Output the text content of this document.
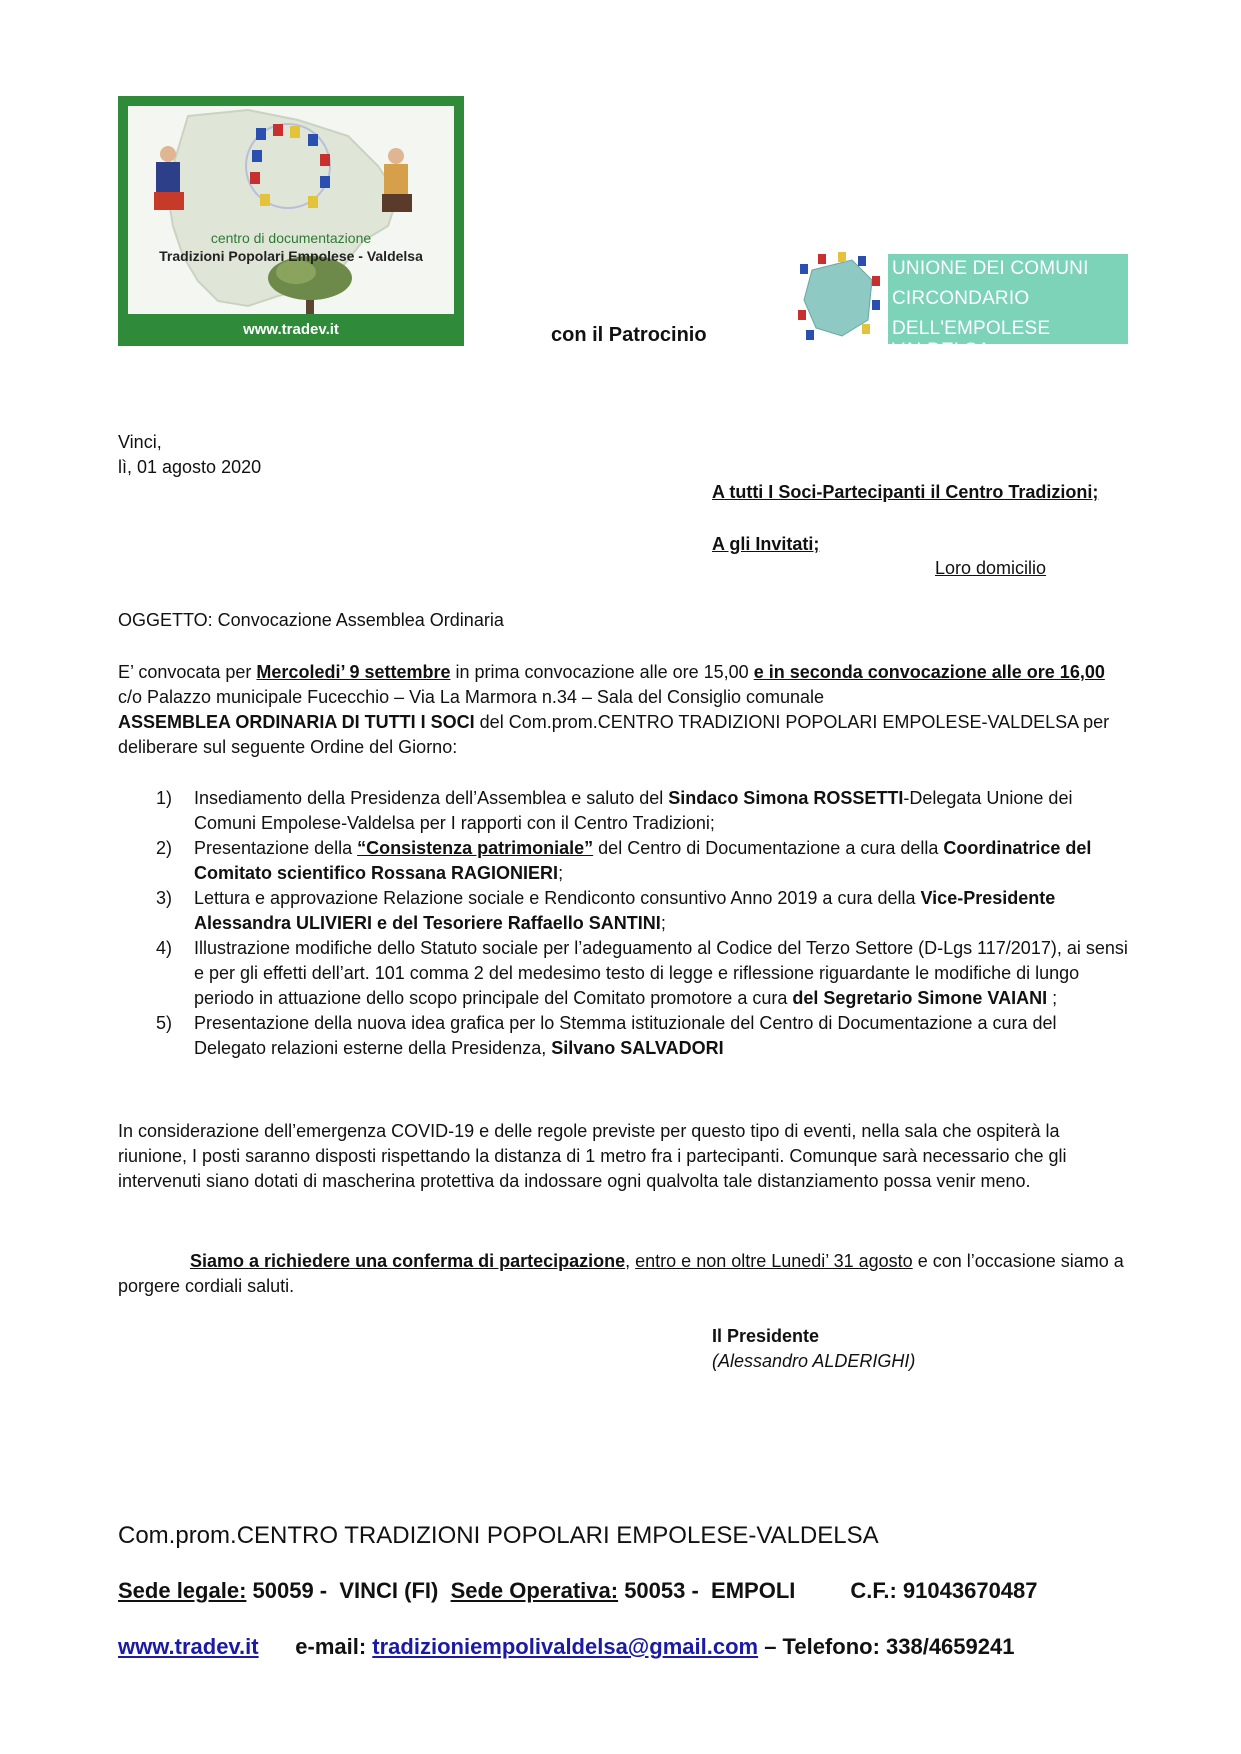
centro di documentazione
Tradizioni Popolari Empolese - Valdelsa
www.tradev.it	con il Patrocinio
UNIONE DEI COMUNI
CIRCONDARIO
DELL'EMPOLESE VALDELSA
Vinci,
lì, 01 agosto 2020
A tutti I Soci-Partecipanti il Centro Tradizioni;
A gli Invitati;
Loro domicilio
OGGETTO: Convocazione Assemblea Ordinaria
E’ convocata per Mercoledi’ 9 settembre in prima convocazione alle ore 15,00 e in seconda convocazione alle ore 16,00 c/o Palazzo municipale Fucecchio – Via La Marmora n.34 – Sala del Consiglio comunale
ASSEMBLEA ORDINARIA DI TUTTI I SOCI del Com.prom.CENTRO TRADIZIONI POPOLARI EMPOLESE-VALDELSA per deliberare sul seguente Ordine del Giorno:
1) Insediamento della Presidenza dell’Assemblea e saluto del Sindaco Simona ROSSETTI-Delegata Unione dei Comuni Empolese-Valdelsa per I rapporti con il Centro Tradizioni;
2) Presentazione della “Consistenza patrimoniale” del Centro di Documentazione a cura della Coordinatrice del Comitato scientifico Rossana RAGIONIERI;
3) Lettura e approvazione Relazione sociale e Rendiconto consuntivo Anno 2019 a cura della Vice-Presidente Alessandra ULIVIERI e del Tesoriere Raffaello SANTINI;
4) Illustrazione modifiche dello Statuto sociale per l’adeguamento al Codice del Terzo Settore (D-Lgs 117/2017), ai sensi e per gli effetti dell’art. 101 comma 2 del medesimo testo di legge e riflessione riguardante le modifiche di lungo periodo in attuazione dello scopo principale del Comitato promotore a cura del Segretario Simone VAIANI ;
5) Presentazione della nuova idea grafica per lo Stemma istituzionale del Centro di Documentazione a cura del Delegato relazioni esterne della Presidenza, Silvano SALVADORI
In considerazione dell’emergenza COVID-19 e delle regole previste per questo tipo di eventi, nella sala che ospiterà la riunione, I posti saranno disposti rispettando la distanza di 1 metro fra i partecipanti. Comunque sarà necessario che gli intervenuti siano dotati di mascherina protettiva da indossare ogni qualvolta tale distanziamento possa venir meno.
Siamo a richiedere una conferma di partecipazione, entro e non oltre Lunedi’ 31 agosto e con l’occasione siamo a porgere cordiali saluti.
Il Presidente
(Alessandro ALDERIGHI)
Com.prom.CENTRO TRADIZIONI POPOLARI EMPOLESE-VALDELSA
Sede legale: 50059 -  VINCI (FI)  Sede Operativa: 50053 -  EMPOLI         C.F.: 91043670487
www.tradev.it      e-mail: tradizioniempolivaldelsa@gmail.com – Telefono: 338/4659241
